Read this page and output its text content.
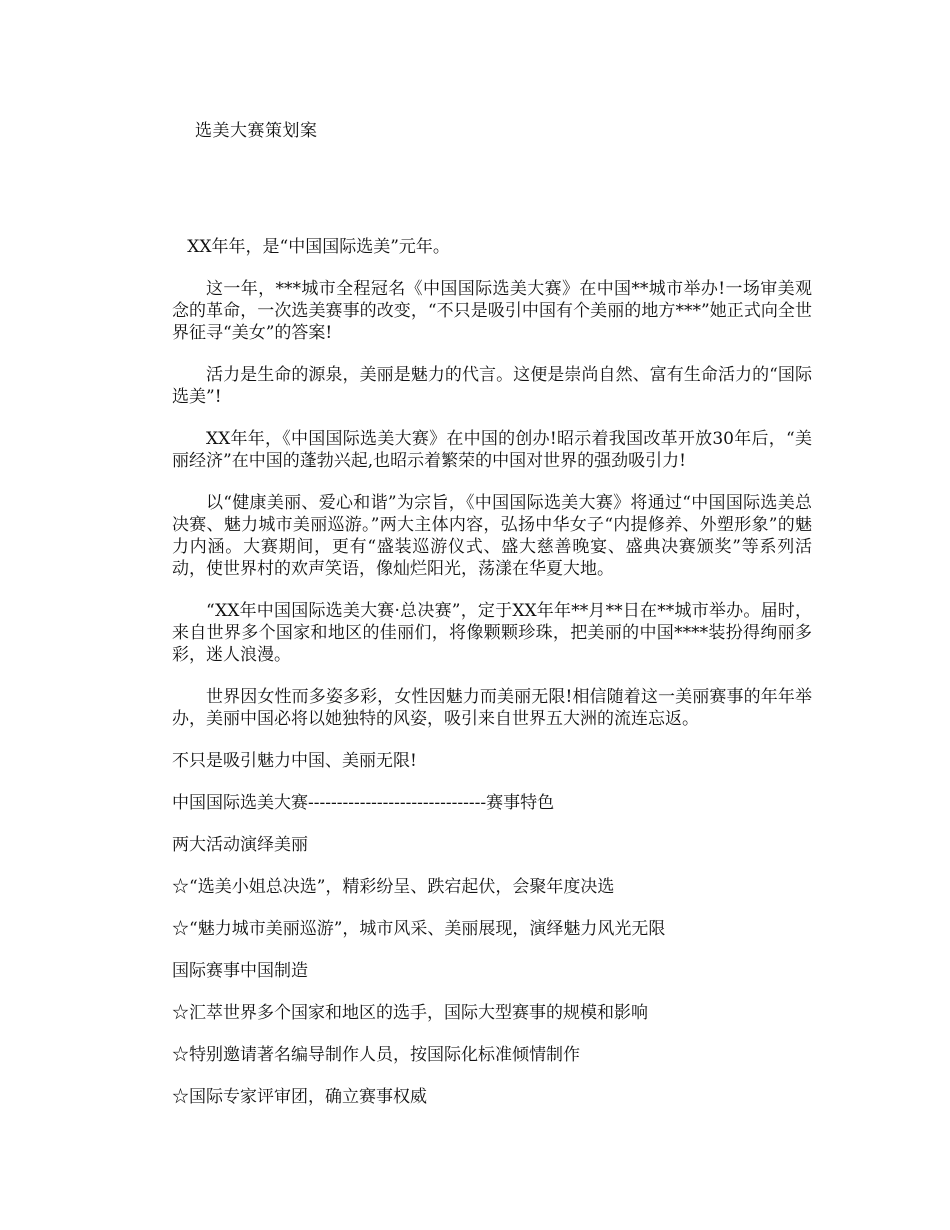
选美大赛策划案

XX年年，是“中国国际选美”元年。

这一年，***城市全程冠名《中国国际选美大赛》在中国**城市举办!一场审美观念的革命，一次选美赛事的改变，“不只是吸引中国有个美丽的地方***”她正式向全世界征寻“美女”的答案!

活力是生命的源泉，美丽是魅力的代言。这便是崇尚自然、富有生命活力的“国际选美”!

XX年年，《中国国际选美大赛》在中国的创办!昭示着我国改革开放30年后，“美丽经济”在中国的蓬勃兴起,也昭示着繁荣的中国对世界的强劲吸引力!

以“健康美丽、爱心和谐”为宗旨，《中国国际选美大赛》将通过“中国国际选美总决赛、魅力城市美丽巡游。”两大主体内容，弘扬中华女子“内提修养、外塑形象”的魅力内涵。大赛期间，更有“盛装巡游仪式、盛大慈善晚宴、盛典决赛颁奖”等系列活动，使世界村的欢声笑语，像灿烂阳光，荡漾在华夏大地。

“XX年中国国际选美大赛·总决赛”，定于XX年年**月**日在**城市举办。届时，来自世界多个国家和地区的佳丽们，将像颗颗珍珠，把美丽的中国****装扮得绚丽多彩，迷人浪漫。

世界因女性而多姿多彩，女性因魅力而美丽无限!相信随着这一美丽赛事的年年举办，美丽中国必将以她独特的风姿，吸引来自世界五大洲的流连忘返。

不只是吸引魅力中国、美丽无限!
中国国际选美大赛-------------------------------赛事特色
两大活动演绎美丽
☆“选美小姐总决选”，精彩纷呈、跌宕起伏，会聚年度决选
☆“魅力城市美丽巡游”，城市风采、美丽展现，演绎魅力风光无限
国际赛事中国制造
☆汇萃世界多个国家和地区的选手，国际大型赛事的规模和影响
☆特别邀请著名编导制作人员，按国际化标准倾情制作
☆国际专家评审团，确立赛事权威
